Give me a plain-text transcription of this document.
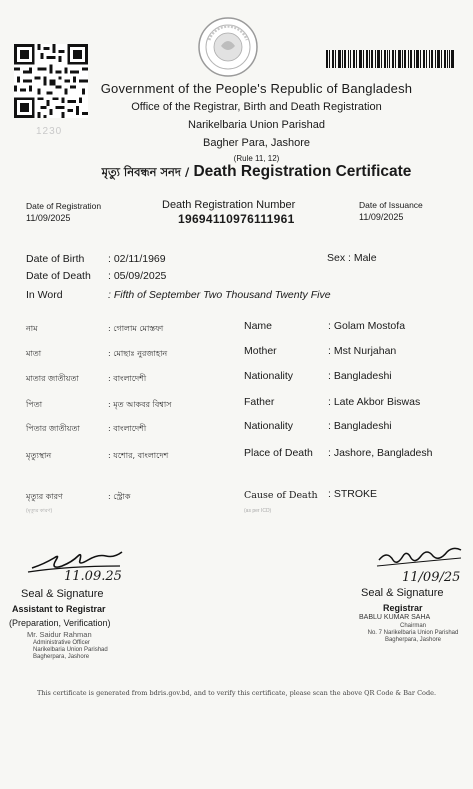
1230
Government of the People's Republic of Bangladesh
Office of the Registrar, Birth and Death Registration
Narikelbaria Union Parishad
Bagher Para, Jashore
(Rule 11, 12)
মৃত্যু নিবন্ধন সনদ / Death Registration Certificate
Date of Registration
11/09/2025
Death Registration Number
19694110976111961
Date of Issuance
11/09/2025
Date of Birth : 02/11/1969	Sex : Male
Date of Death : 05/09/2025
In Word	: Fifth of September Two Thousand Twenty Five
নাম	: গোলাম মোস্তফা	Name	: Golam Mostofa
মাতা	: মোছাঃ নুরজাহান	Mother	: Mst Nurjahan
মাতার জাতীয়তা	: বাংলাদেশী	Nationality	: Bangladeshi
পিতা	: মৃত আকবর বিশ্বাস	Father	: Late Akbor Biswas
পিতার জাতীয়তা	: বাংলাদেশী	Nationality	: Bangladeshi
মৃত্যুস্থান	: যশোর, বাংলাদেশ	Place of Death : Jashore, Bangladesh
মৃত্যুর কারণ	: স্ট্রোক	Cause of Death : STROKE
(মৃত্যুর কারণ)	(as per ICD)
11.09.25
Seal & Signature
Assistant to Registrar
(Preparation, Verification)
Mr. Saidur Rahman
Administrative Officer
Narikelbaria Union Parishad
Bagherpara, Jashore
11/09/25
Seal & Signature
Registrar
BABLU KUMAR SAHA
Chairman
No. 7 Narikelbaria Union Parishad
Bagherpara, Jashore
This certificate is generated from bdris.gov.bd, and to verify this certificate, please scan the above QR Code & Bar Code.
